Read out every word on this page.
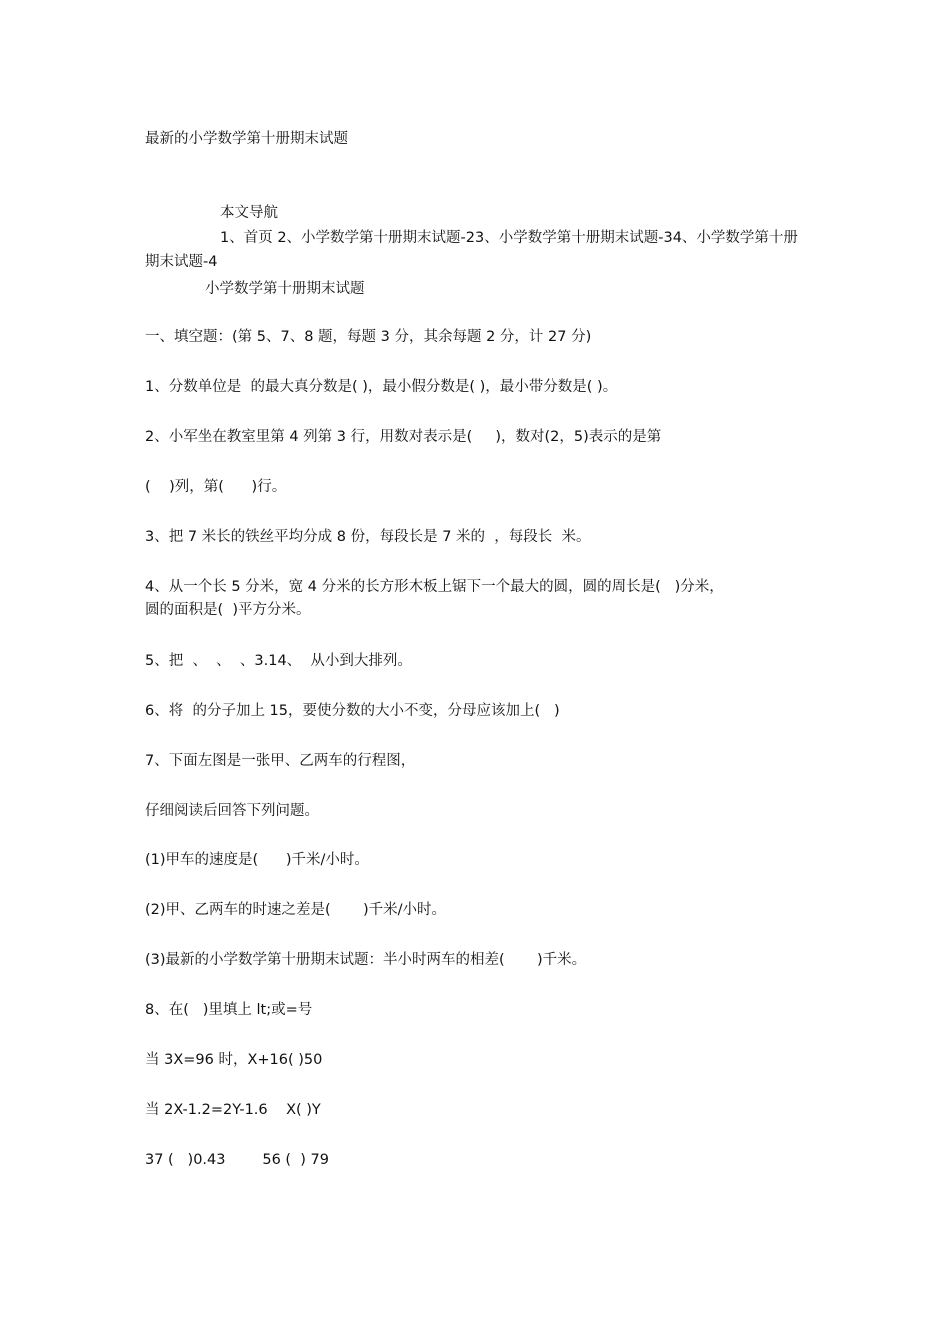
最新的小学数学第十册期末试题
本文导航
1、首页 2、小学数学第十册期末试题-23、小学数学第十册期末试题-34、小学数学第十册期末试题-4
小学数学第十册期末试题
一、填空题：(第 5、7、8 题，每题 3 分，其余每题 2 分，计 27 分)
1、分数单位是  的最大真分数是( )，最小假分数是( )，最小带分数是( )。
2、小军坐在教室里第 4 列第 3 行，用数对表示是(     )，数对(2，5)表示的是第
(    )列，第(      )行。
3、把 7 米长的铁丝平均分成 8 份，每段长是 7 米的  ，每段长  米。
4、从一个长 5 分米，宽 4 分米的长方形木板上锯下一个最大的圆，圆的周长是(   )分米，
圆的面积是(  )平方分米。
5、把  、  、  、3.14、  从小到大排列。
6、将  的分子加上 15，要使分数的大小不变，分母应该加上(   )
7、下面左图是一张甲、乙两车的行程图，
仔细阅读后回答下列问题。
(1)甲车的速度是(      )千米/小时。
(2)甲、乙两车的时速之差是(       )千米/小时。
(3)最新的小学数学第十册期末试题：半小时两车的相差(       )千米。
8、在(   )里填上 lt;或=号
当 3X=96 时，X+16( )50
当 2X-1.2=2Y-1.6    X( )Y
37 (   )0.43        56 (  ) 79
